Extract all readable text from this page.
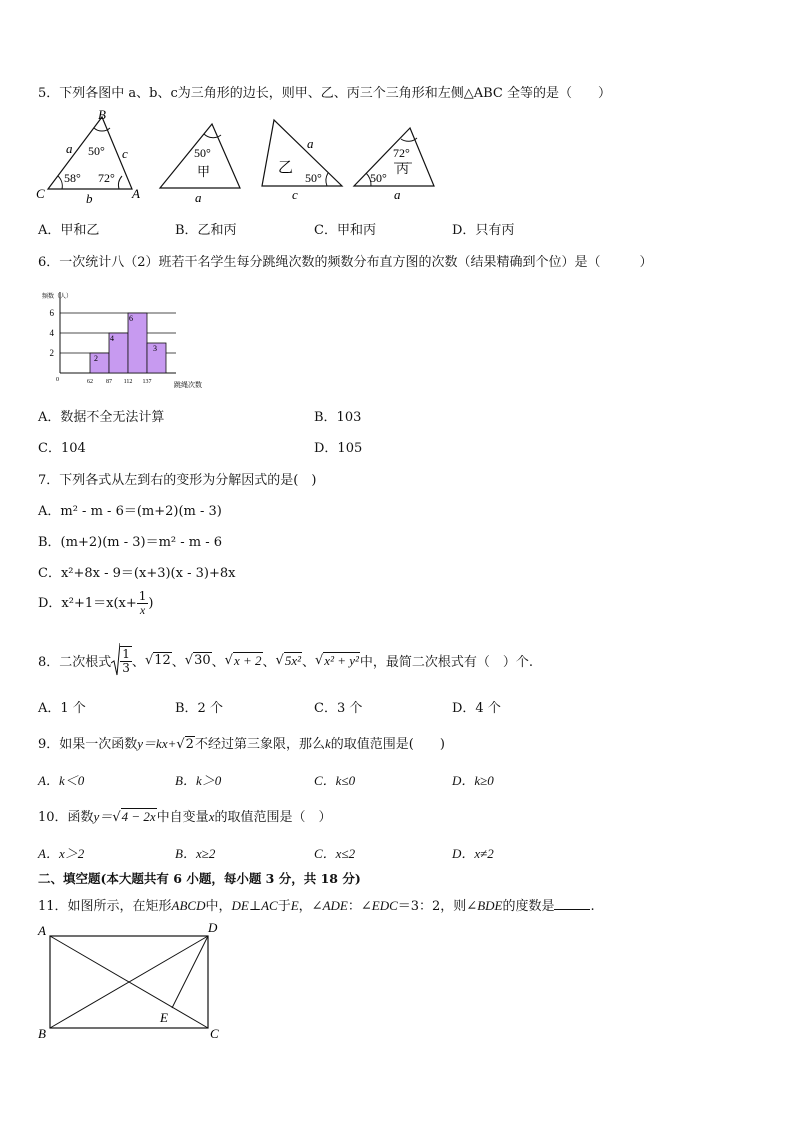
5．下列各图中 a、b、c为三角形的边长，则甲、乙、丙三个三角形和左侧△ABC 全等的是（　　）
B
C	A
a	c
b
50°
58° 72°
50°
甲
a
乙
a
50°
c
72°
丙
50°
a
A．甲和乙	B．乙和丙	C．甲和丙	D．只有丙
6．一次统计八（2）班若干名学生每分跳绳次数的频数分布直方图的次数（结果精确到个位）是（　　　）
频数（人）
跳绳次数
0
2
4
6
2
62
4
87
6
112
3
137
A．数据不全无法计算	B．103
C．104	D．105
7．下列各式从左到右的变形为分解因式的是(　)
A．m² - m - 6＝(m+2)(m - 3)
B．(m+2)(m - 3)＝m² - m - 6
C．x²+8x - 9＝(x+3)(x - 3)+8x
D．$x^2+1=x(x+ \frac{1}{x}$ )
8．二次根式 $\frac{1}{3}$ 、 √ 12 、 √ 30 、 √ x + 2 、 √ 5x² 、 √ x² + y² 中，最简二次根式有（　）个.
A．1 个	B．2 个	C．3 个	D．4 个
9．如果一次函数y＝kx+√2不经过第三象限，那么k的取值范围是(　　)
A．k＜0	B．k＞0	C．k≤0	D．k≥0
10．函数y＝√4 − 2x中自变量x的取值范围是（　）
A．x＞2	B．x≥2	C．x≤2	D．x≠2
二、填空题(本大题共有 6 小题，每小题 3 分，共 18 分)
11．如图所示，在矩形ABCD中，DE⊥AC于E，∠ADE：∠EDC＝3：2，则∠BDE的度数是	.
A	D
B	C
E
